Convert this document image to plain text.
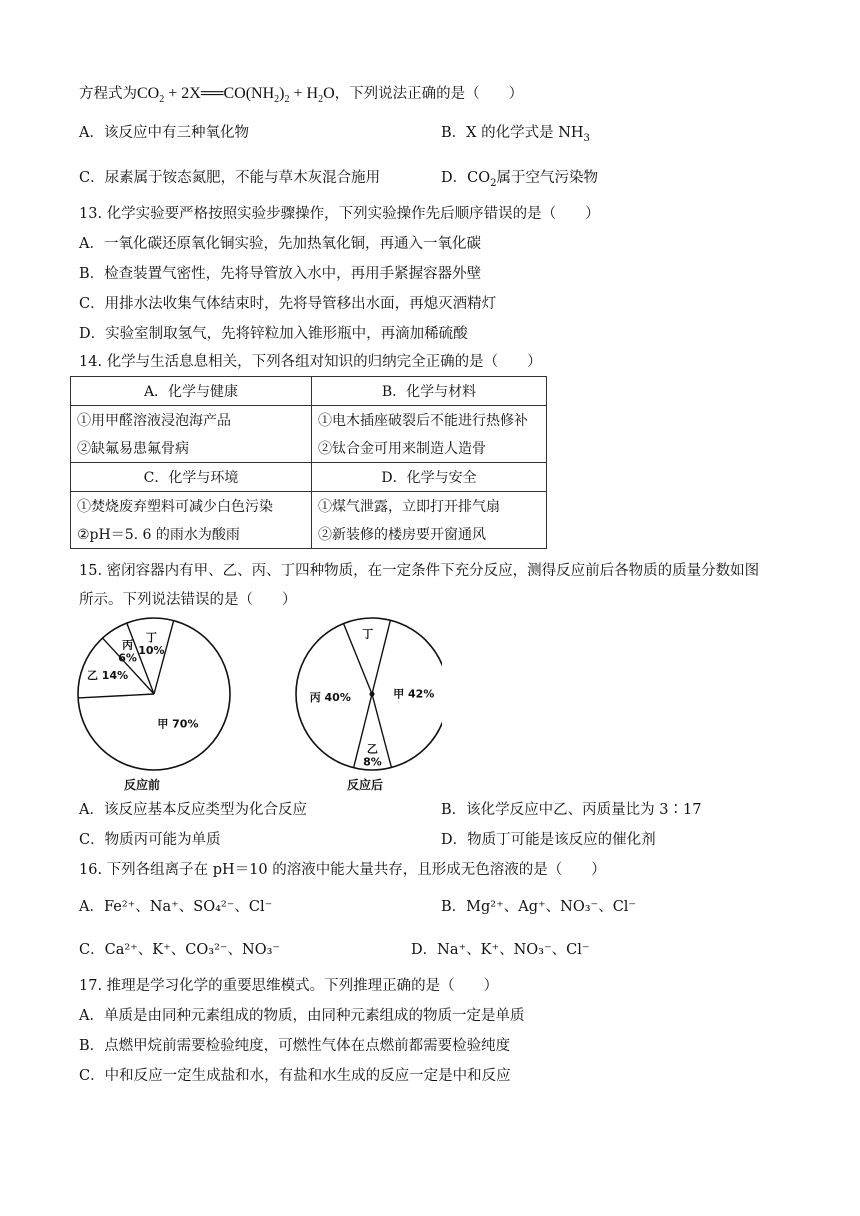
方程式为$CO_2$ + $2X══CO(NH_2)_2 + H_2O$，下列说法正确的是（　　）
A．该反应中有三种氧化物	B．X 的化学式是 $NH_3$
C．尿素属于铵态氮肥，不能与草木灰混合施用	D．$CO_2$属于空气污染物
13. 化学实验要严格按照实验步骤操作，下列实验操作先后顺序错误的是（　　）
A．一氧化碳还原氧化铜实验，先加热氧化铜，再通入一氧化碳
B．检查装置气密性，先将导管放入水中，再用手紧握容器外壁
C．用排水法收集气体结束时，先将导管移出水面，再熄灭酒精灯
D．实验室制取氢气，先将锌粒加入锥形瓶中，再滴加稀硫酸
14. 化学与生活息息相关，下列各组对知识的归纳完全正确的是（　　）
A．化学与健康	B．化学与材料
①用甲醛溶液浸泡海产品	①电木插座破裂后不能进行热修补
②缺氟易患氟骨病	②钛合金可用来制造人造骨
C．化学与环境	D．化学与安全
①焚烧废弃塑料可减少白色污染	①煤气泄露，立即打开排气扇
②pH＝5. 6 的雨水为酸雨	②新装修的楼房要开窗通风
15. 密闭容器内有甲、乙、丙、丁四种物质，在一定条件下充分反应，测得反应前后各物质的质量分数如图
所示。下列说法错误的是（　　）
甲 70%
乙 14%
丙 6%
丁 10%
甲 42%
乙 8%
丙 40%
丁
反应前	反应后
A．该反应基本反应类型为化合反应	B．该化学反应中乙、丙质量比为 3∶17
C．物质丙可能为单质	D．物质丁可能是该反应的催化剂
16. 下列各组离子在 pH＝10 的溶液中能大量共存，且形成无色溶液的是（　　）
A．Fe²⁺、Na⁺、SO₄²⁻、Cl⁻	B．Mg²⁺、Ag⁺、NO₃⁻、Cl⁻
C．Ca²⁺、K⁺、CO₃²⁻、NO₃⁻	D．Na⁺、K⁺、NO₃⁻、Cl⁻
17. 推理是学习化学的重要思维模式。下列推理正确的是（　　）
A．单质是由同种元素组成的物质，由同种元素组成的物质一定是单质
B．点燃甲烷前需要检验纯度，可燃性气体在点燃前都需要检验纯度
C．中和反应一定生成盐和水，有盐和水生成的反应一定是中和反应
